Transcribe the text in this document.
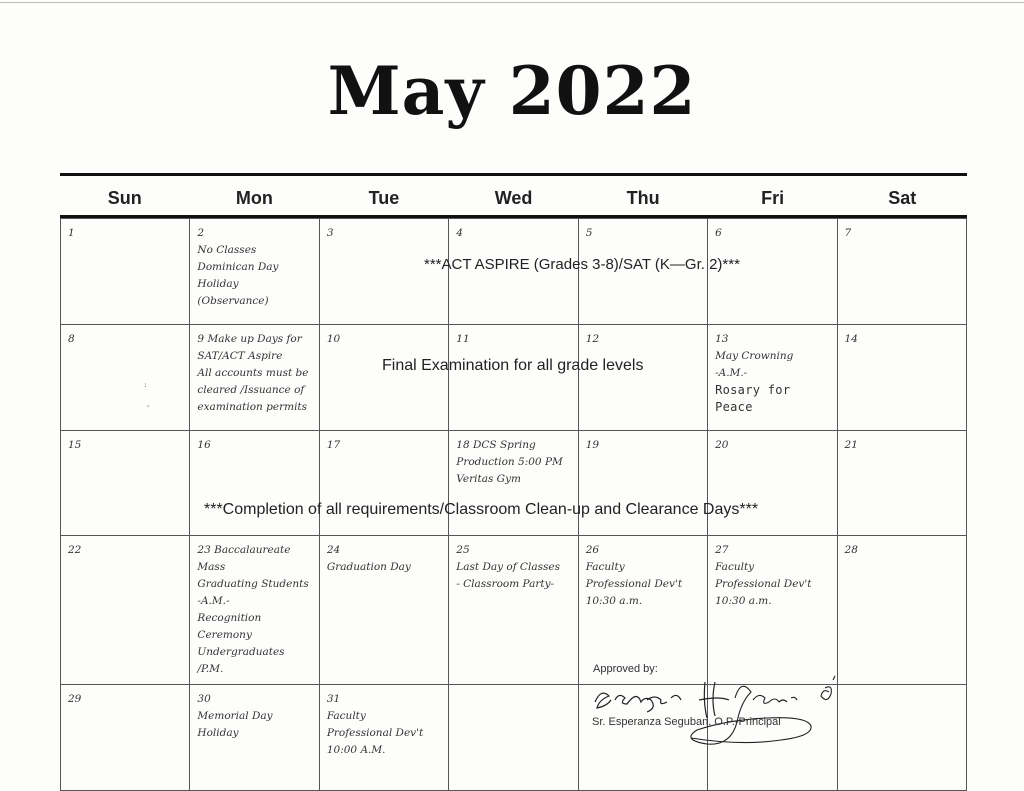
May 2022
Sun	Mon	Tue	Wed	Thu	Fri	Sat
1	2
No Classes
Dominican Day
Holiday (Observance)	3	4	5	6	7

8	9 Make up Days for
SAT/ACT Aspire
All accounts must be
cleared /Issuance of
examination permits	10	11	12	13
May Crowning
-A.M.-
Rosary for Peace	14

15	16	17	18 DCS Spring
Production 5:00 PM
Veritas Gym	19	20	21

22	23 Baccalaureate Mass
Graduating Students
-A.M.-
Recognition Ceremony
Undergraduates /P.M.	24
Graduation Day	25
Last Day of Classes
- Classroom Party-	26
Faculty
Professional Dev't
10:30 a.m.	27
Faculty
Professional Dev't
10:30 a.m.	28

29	30
Memorial Day
Holiday	31
Faculty
Professional Dev't
10:00 A.M.				

***ACT ASPIRE (Grades 3-8)/SAT (K—Gr. 2)***
Final Examination for all grade levels
***Completion of all requirements/Classroom Clean-up and Clearance Days***
Approved by:
Sr. Esperanza Seguban, O.P.-Principal
:
'
